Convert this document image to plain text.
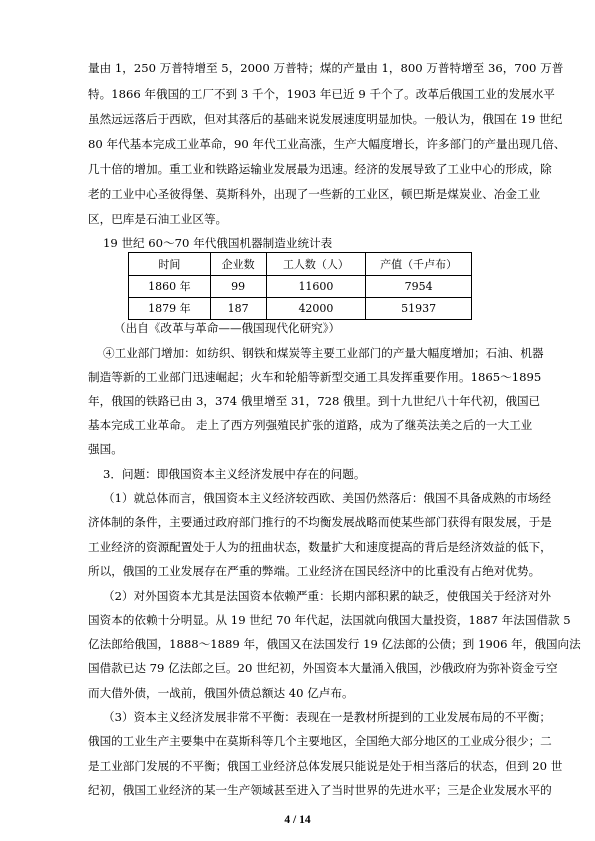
量由 1，250 万普特增至 5，2000 万普特；煤的产量由 1，800 万普特增至 36，700 万普
特。1866 年俄国的工厂不到 3 千个，1903 年已近 9 千个了。改革后俄国工业的发展水平
虽然远远落后于西欧，但对其落后的基础来说发展速度明显加快。一般认为，俄国在 19 世纪
80 年代基本完成工业革命，90 年代工业高涨，生产大幅度增长，许多部门的产量出现几倍、
几十倍的增加。重工业和铁路运输业发展最为迅速。经济的发展导致了工业中心的形成，除
老的工业中心圣彼得堡、莫斯科外，出现了一些新的工业区，顿巴斯是煤炭业、冶金工业
区，巴库是石油工业区等。
19 世纪 60～70 年代俄国机器制造业统计表
时间	企业数	工人数（人）	产值（千卢布）
1860 年	99	11600	7954
1879 年	187	42000	51937
（出自《改革与革命——俄国现代化研究》）
④工业部门增加：如纺织、钢铁和煤炭等主要工业部门的产量大幅度增加；石油、机器
制造等新的工业部门迅速崛起；火车和轮船等新型交通工具发挥重要作用。1865～1895
年，俄国的铁路已由 3，374 俄里增至 31，728 俄里。到十九世纪八十年代初，俄国已
基本完成工业革命。 走上了西方列强殖民扩张的道路，成为了继英法美之后的一大工业
强国。
3．问题：即俄国资本主义经济发展中存在的问题。
（1）就总体而言，俄国资本主义经济较西欧、美国仍然落后：俄国不具备成熟的市场经
济体制的条件，主要通过政府部门推行的不均衡发展战略而使某些部门获得有限发展，于是
工业经济的资源配置处于人为的扭曲状态，数量扩大和速度提高的背后是经济效益的低下，
所以，俄国的工业发展存在严重的弊端。工业经济在国民经济中的比重没有占绝对优势。
（2）对外国资本尤其是法国资本依赖严重：长期内部积累的缺乏，使俄国关于经济对外
国资本的依赖十分明显。从 19 世纪 70 年代起，法国就向俄国大量投资，1887 年法国借款 5
亿法郎给俄国，1888～1889 年，俄国又在法国发行 19 亿法郎的公债；到 1906 年，俄国向法
国借款已达 79 亿法郎之巨。20 世纪初，外国资本大量涌入俄国，沙俄政府为弥补资金亏空
而大借外债，一战前，俄国外债总额达 40 亿卢布。
（3）资本主义经济发展非常不平衡：表现在一是教材所提到的工业发展布局的不平衡；
俄国的工业生产主要集中在莫斯科等几个主要地区，全国绝大部分地区的工业成分很少；二
是工业部门发展的不平衡；俄国工业经济总体发展只能说是处于相当落后的状态，但到 20 世
纪初，俄国工业经济的某一生产领域甚至进入了当时世界的先进水平；三是企业发展水平的
4 / 14
